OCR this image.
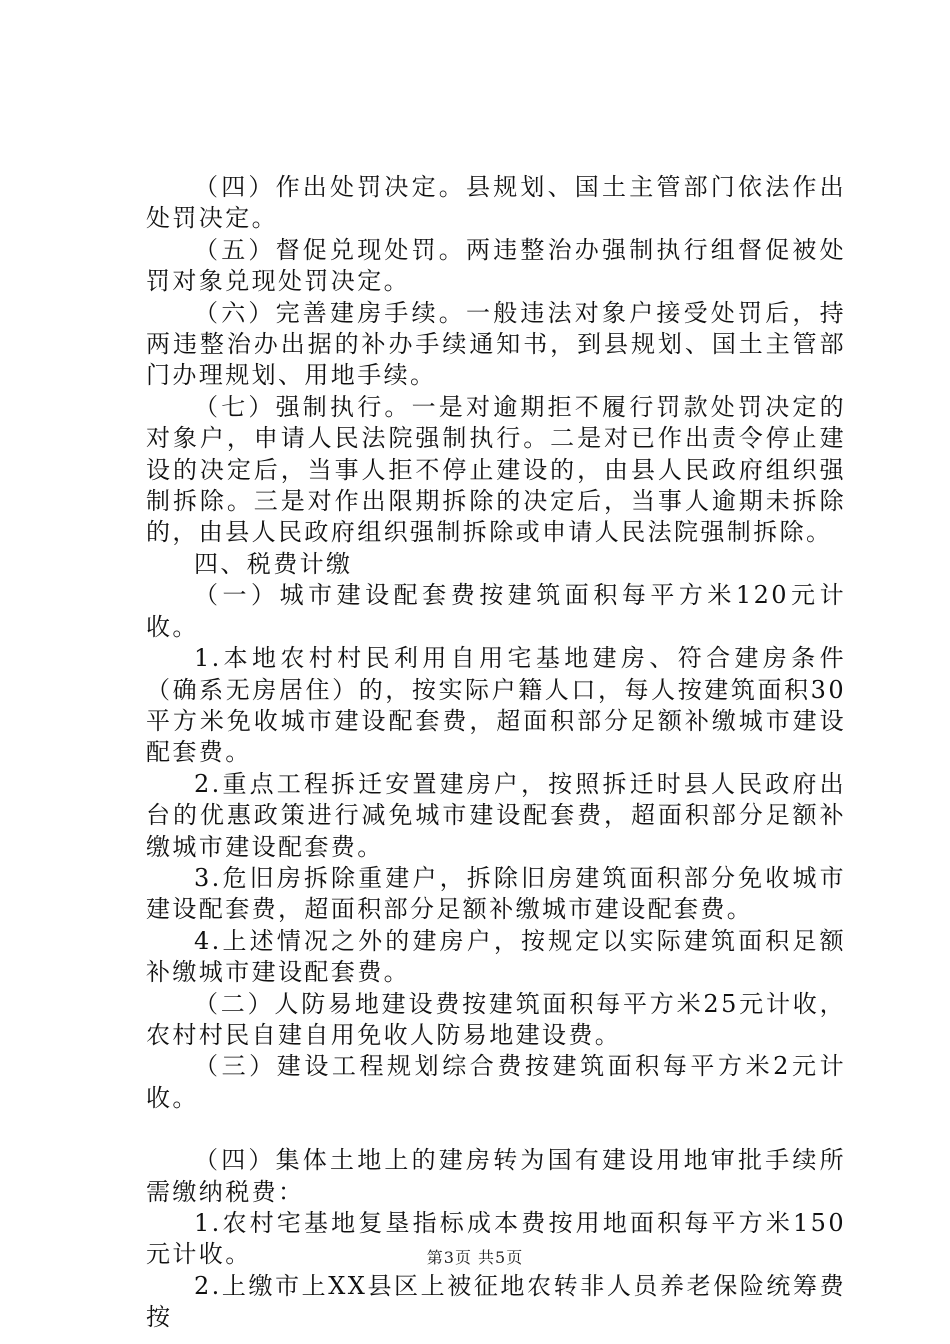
（四）作出处罚决定。县规划、国土主管部门依法作出处罚决定。

（五）督促兑现处罚。两违整治办强制执行组督促被处罚对象兑现处罚决定。

（六）完善建房手续。一般违法对象户接受处罚后，持两违整治办出据的补办手续通知书，到县规划、国土主管部门办理规划、用地手续。

（七）强制执行。一是对逾期拒不履行罚款处罚决定的对象户，申请人民法院强制执行。二是对已作出责令停止建设的决定后，当事人拒不停止建设的，由县人民政府组织强制拆除。三是对作出限期拆除的决定后，当事人逾期未拆除的，由县人民政府组织强制拆除或申请人民法院强制拆除。

四、税费计缴

（一）城市建设配套费按建筑面积每平方米120元计收。

1.本地农村村民利用自用宅基地建房、符合建房条件（确系无房居住）的，按实际户籍人口，每人按建筑面积30平方米免收城市建设配套费，超面积部分足额补缴城市建设配套费。

2.重点工程拆迁安置建房户，按照拆迁时县人民政府出台的优惠政策进行减免城市建设配套费，超面积部分足额补缴城市建设配套费。

3.危旧房拆除重建户，拆除旧房建筑面积部分免收城市建设配套费，超面积部分足额补缴城市建设配套费。

4.上述情况之外的建房户，按规定以实际建筑面积足额补缴城市建设配套费。

（二）人防易地建设费按建筑面积每平方米25元计收，农村村民自建自用免收人防易地建设费。

（三）建设工程规划综合费按建筑面积每平方米2元计收。

（四）集体土地上的建房转为国有建设用地审批手续所需缴纳税费：

1.农村宅基地复垦指标成本费按用地面积每平方米150元计收。

2.上缴市上XX县区上被征地农转非人员养老保险统筹费按

第3页 共5页
